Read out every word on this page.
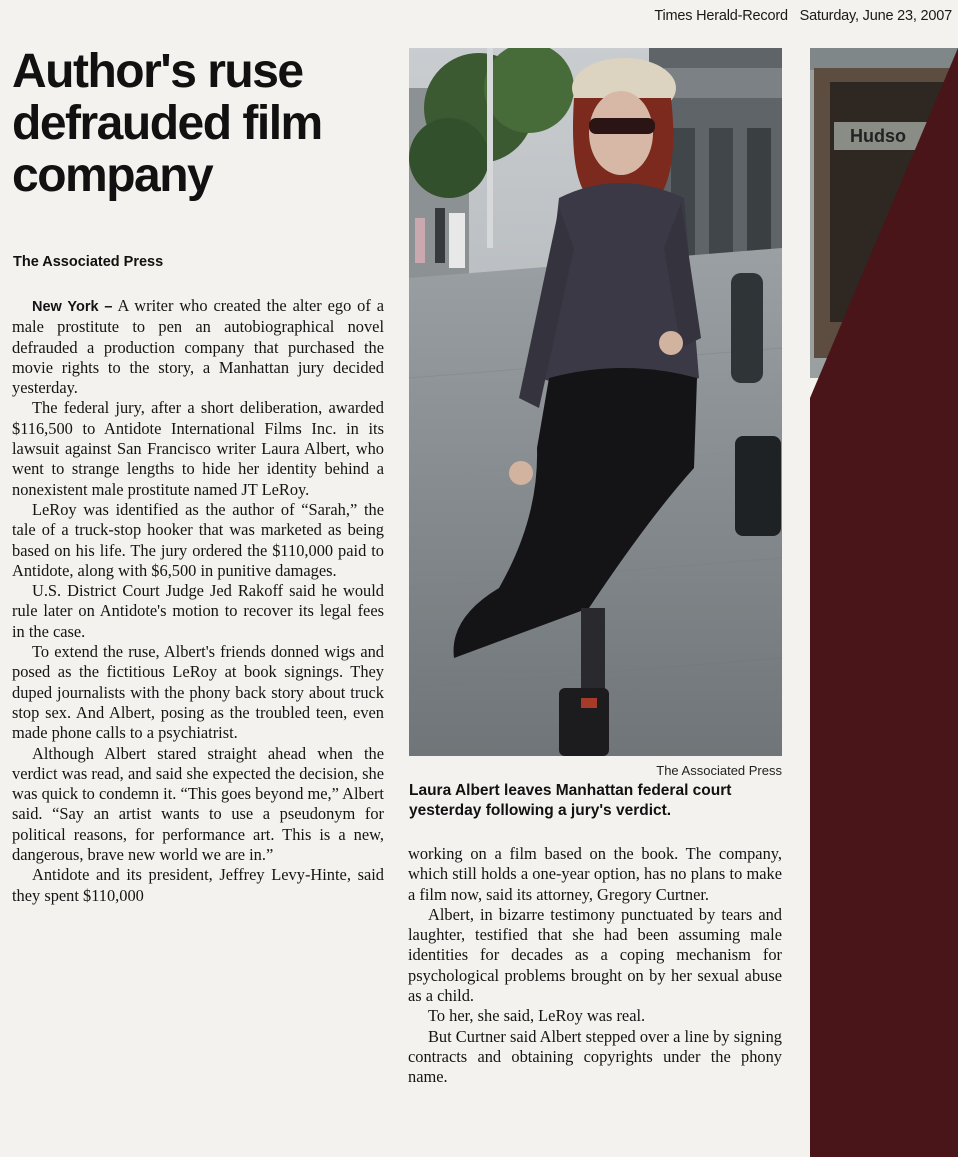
Times Herald-Record Saturday, June 23, 2007
Author's ruse defrauded film company
The Associated Press

New York – A writer who created the alter ego of a male prostitute to pen an autobiographical novel defrauded a production company that purchased the movie rights to the story, a Manhattan jury decided yesterday.

The federal jury, after a short deliberation, awarded $116,500 to Antidote International Films Inc. in its lawsuit against San Francisco writer Laura Albert, who went to strange lengths to hide her identity behind a nonexistent male prostitute named JT LeRoy.

LeRoy was identified as the author of “Sarah,” the tale of a truck-stop hooker that was marketed as being based on his life. The jury ordered the $110,000 paid to Antidote, along with $6,500 in punitive damages.

U.S. District Court Judge Jed Rakoff said he would rule later on Antidote's motion to recover its legal fees in the case.

To extend the ruse, Albert's friends donned wigs and posed as the fictitious LeRoy at book signings. They duped journalists with the phony back story about truck stop sex. And Albert, posing as the troubled teen, even made phone calls to a psychiatrist.

Although Albert stared straight ahead when the verdict was read, and said she expected the decision, she was quick to condemn it. “This goes beyond me,” Albert said. “Say an artist wants to use a pseudonym for political reasons, for performance art. This is a new, dangerous, brave new world we are in.”

Antidote and its president, Jeffrey Levy-Hinte, said they spent $110,000

The Associated Press

Laura Albert leaves Manhattan federal court yesterday following a jury's verdict.

working on a film based on the book. The company, which still holds a one-year option, has no plans to make a film now, said its attorney, Gregory Curtner.

Albert, in bizarre testimony punctuated by tears and laughter, testified that she had been assuming male identities for decades as a coping mechanism for psychological problems brought on by her sexual abuse as a child.

To her, she said, LeRoy was real.

But Curtner said Albert stepped over a line by signing contracts and obtaining copyrights under the phony name.

Hudso
